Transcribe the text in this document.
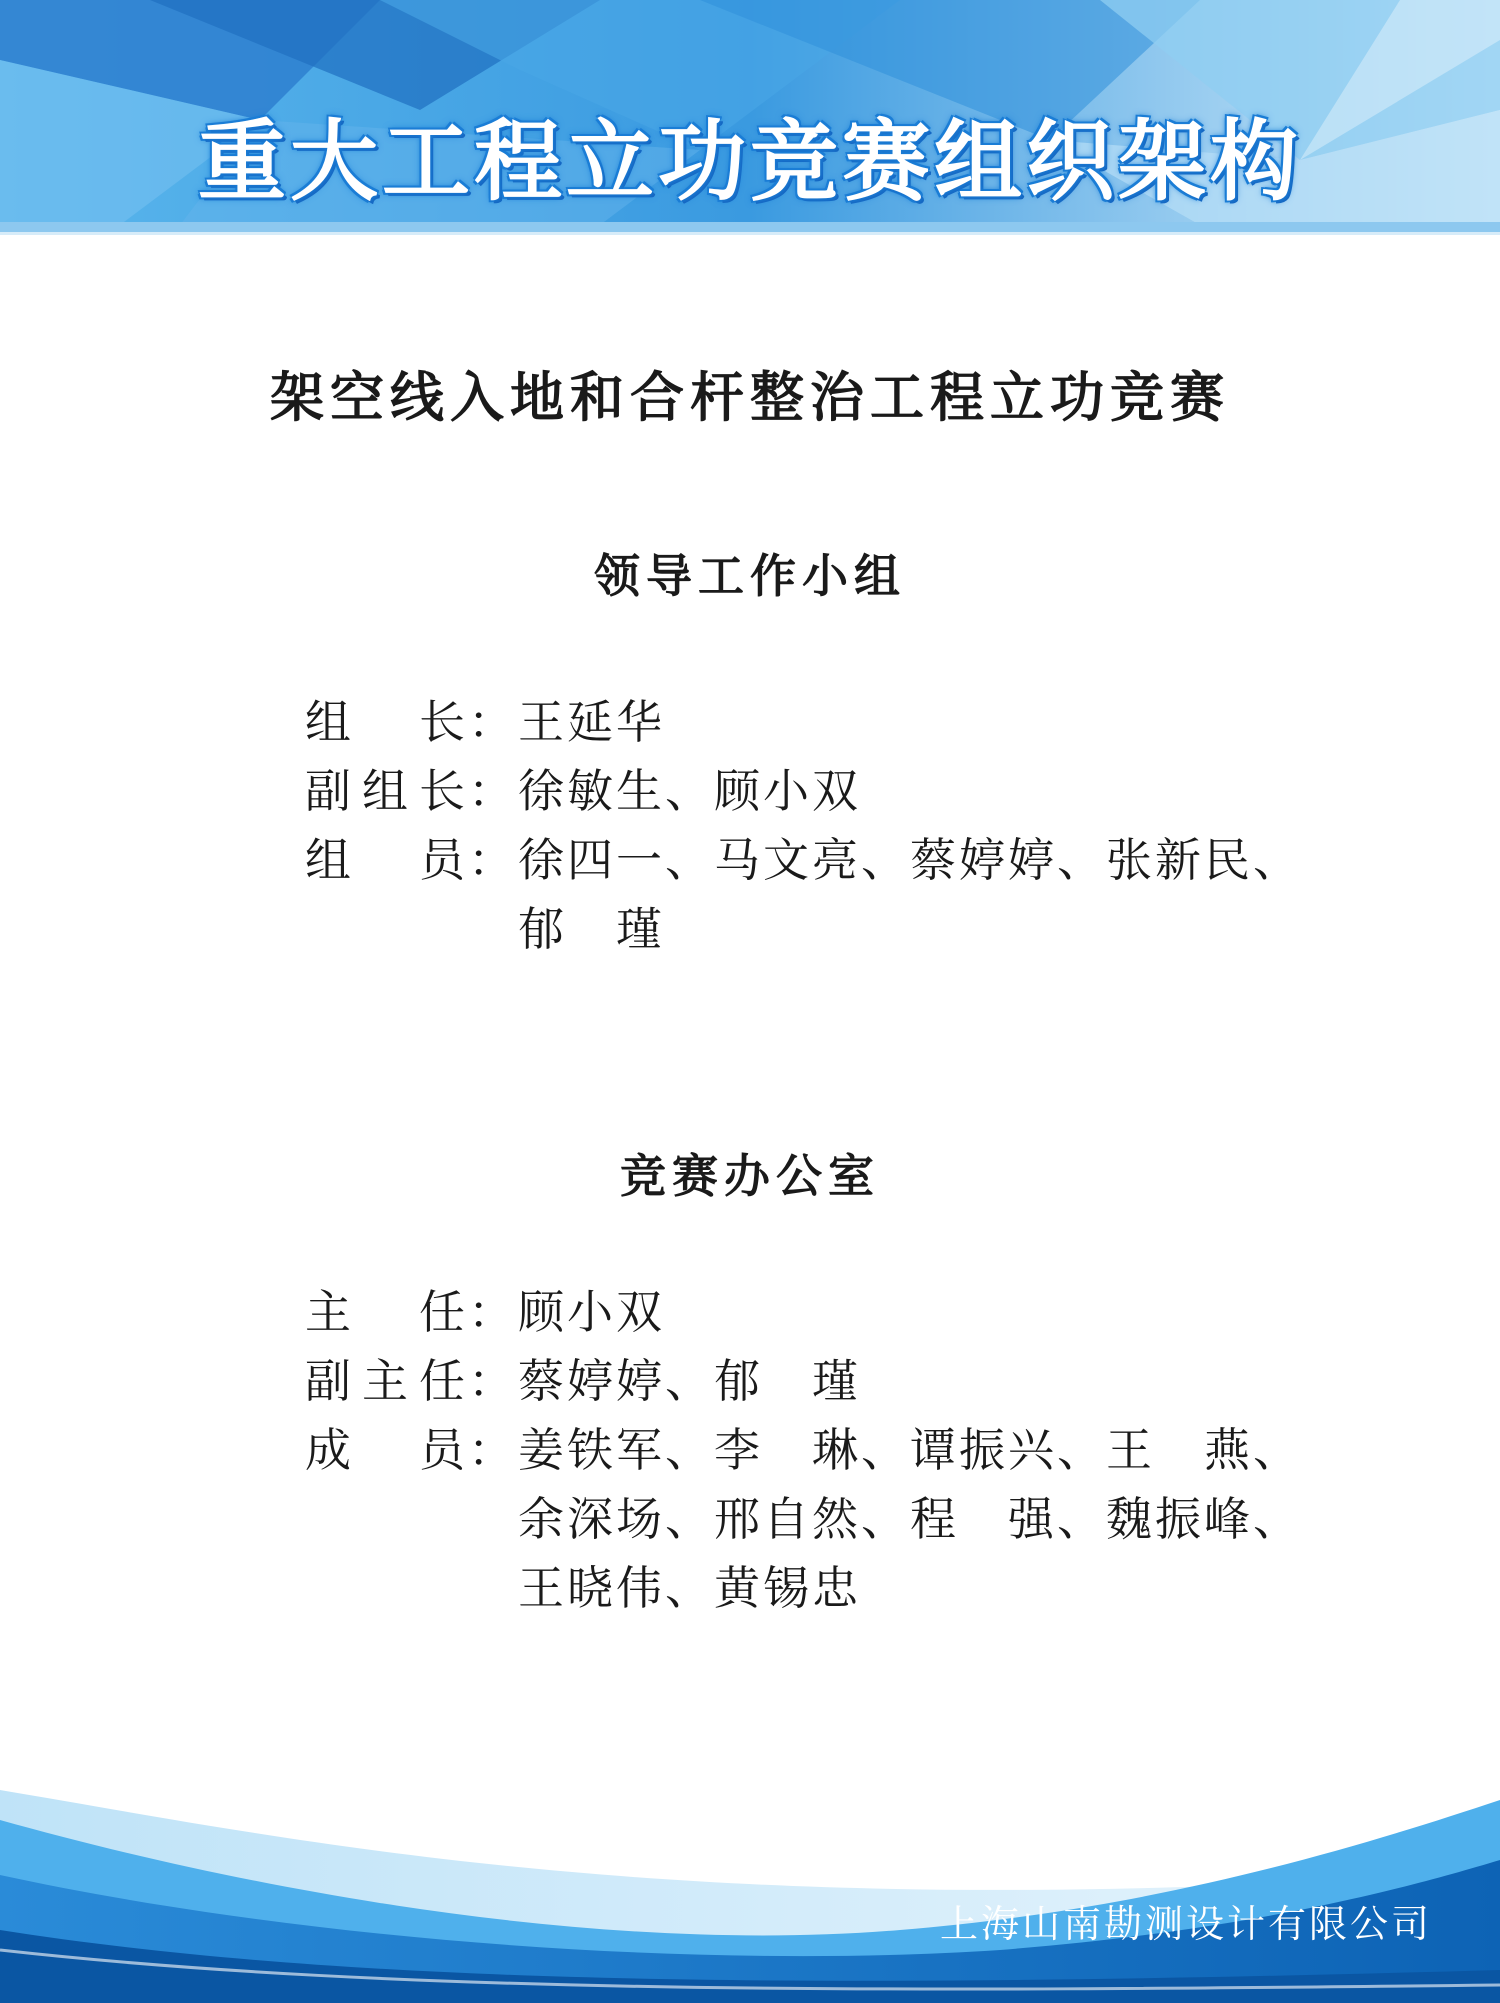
重大工程立功竞赛组织架构
架空线入地和合杆整治工程立功竞赛
领导工作小组
组 长 ： 王延华
副 组 长 ： 徐敏生、顾小双
组 员 ： 徐四一、马文亮、蔡婷婷、张新民、
郁　瑾
竞赛办公室
主 任 ： 顾小双
副 主 任 ： 蔡婷婷、郁　瑾
成 员 ： 姜铁军、李　琳、谭振兴、王　燕、
余深场、邢自然、程　强、魏振峰、
王晓伟、黄锡忠
上海山南勘测设计有限公司
